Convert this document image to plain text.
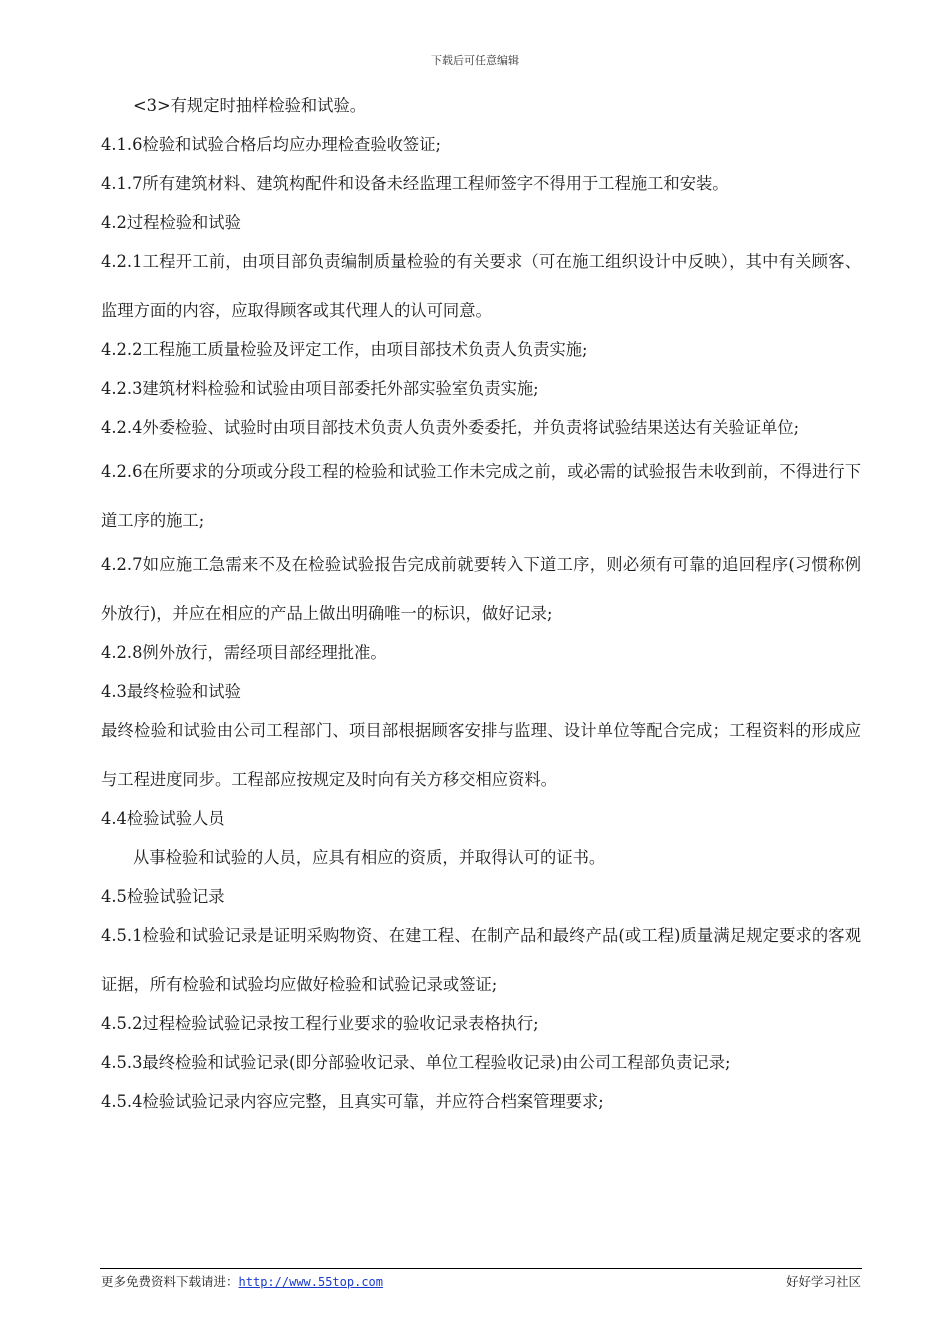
下载后可任意编辑

<3>有规定时抽样检验和试验。

4.1.6检验和试验合格后均应办理检查验收签证;

4.1.7所有建筑材料、建筑构配件和设备未经监理工程师签字不得用于工程施工和安装。

4.2过程检验和试验

4.2.1工程开工前，由项目部负责编制质量检验的有关要求（可在施工组织设计中反映），其中有关顾客、监理方面的内容，应取得顾客或其代理人的认可同意。

4.2.2工程施工质量检验及评定工作，由项目部技术负责人负责实施;

4.2.3建筑材料检验和试验由项目部委托外部实验室负责实施;

4.2.4外委检验、试验时由项目部技术负责人负责外委委托，并负责将试验结果送达有关验证单位;

4.2.6在所要求的分项或分段工程的检验和试验工作未完成之前，或必需的试验报告未收到前，不得进行下道工序的施工;

4.2.7如应施工急需来不及在检验试验报告完成前就要转入下道工序，则必须有可靠的追回程序(习惯称例外放行)，并应在相应的产品上做出明确唯一的标识，做好记录;

4.2.8例外放行，需经项目部经理批准。

4.3最终检验和试验

最终检验和试验由公司工程部门、项目部根据顾客安排与监理、设计单位等配合完成；工程资料的形成应与工程进度同步。工程部应按规定及时向有关方移交相应资料。

4.4检验试验人员

从事检验和试验的人员，应具有相应的资质，并取得认可的证书。

4.5检验试验记录

4.5.1检验和试验记录是证明采购物资、在建工程、在制产品和最终产品(或工程)质量满足规定要求的客观证据，所有检验和试验均应做好检验和试验记录或签证;

4.5.2过程检验试验记录按工程行业要求的验收记录表格执行;

4.5.3最终检验和试验记录(即分部验收记录、单位工程验收记录)由公司工程部负责记录;

4.5.4检验试验记录内容应完整，且真实可靠，并应符合档案管理要求;

更多免费资料下载请进：http://www.55top.com	好好学习社区
